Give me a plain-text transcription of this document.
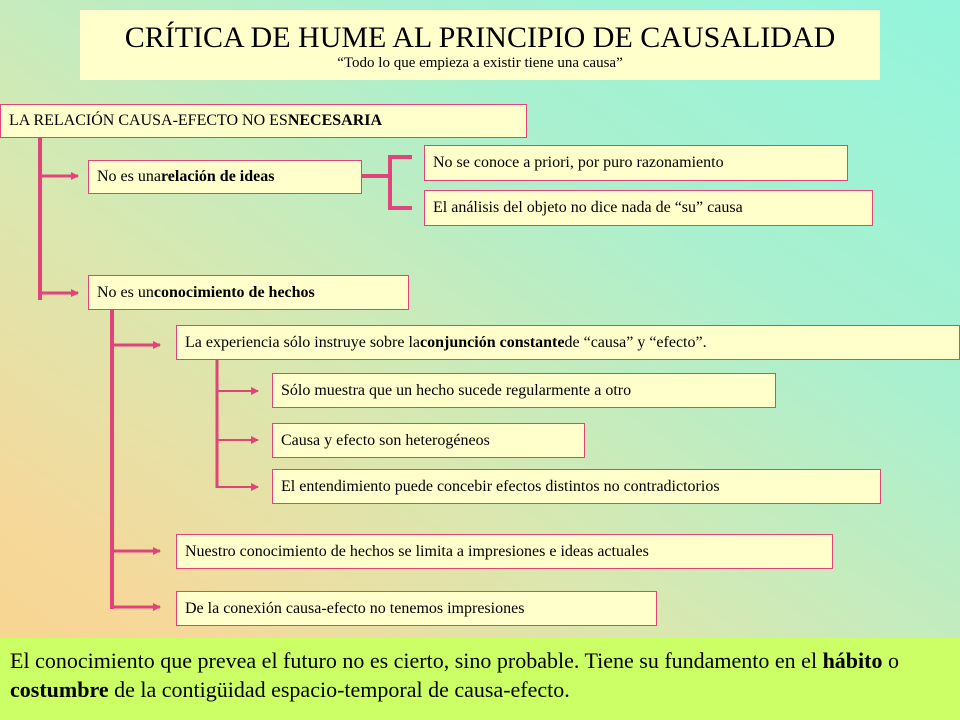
CRÍTICA DE HUME AL PRINCIPIO DE CAUSALIDAD
“Todo lo que empieza a existir tiene una causa”
LA RELACIÓN CAUSA-EFECTO NO ES NECESARIA
No es una relación de ideas
No se conoce a priori, por puro razonamiento
El análisis del objeto no dice nada de “su” causa
No es un conocimiento de hechos
La experiencia sólo instruye sobre la conjunción constante de “causa” y “efecto”.
Sólo muestra que un hecho sucede regularmente a otro
Causa y efecto son heterogéneos
El entendimiento puede concebir efectos distintos no contradictorios
Nuestro conocimiento de hechos se limita a impresiones e ideas actuales
De la conexión causa-efecto no tenemos impresiones
El conocimiento que prevea el futuro no es cierto, sino probable. Tiene su fundamento en el hábito o costumbre de la contigüidad espacio-temporal de causa-efecto.
